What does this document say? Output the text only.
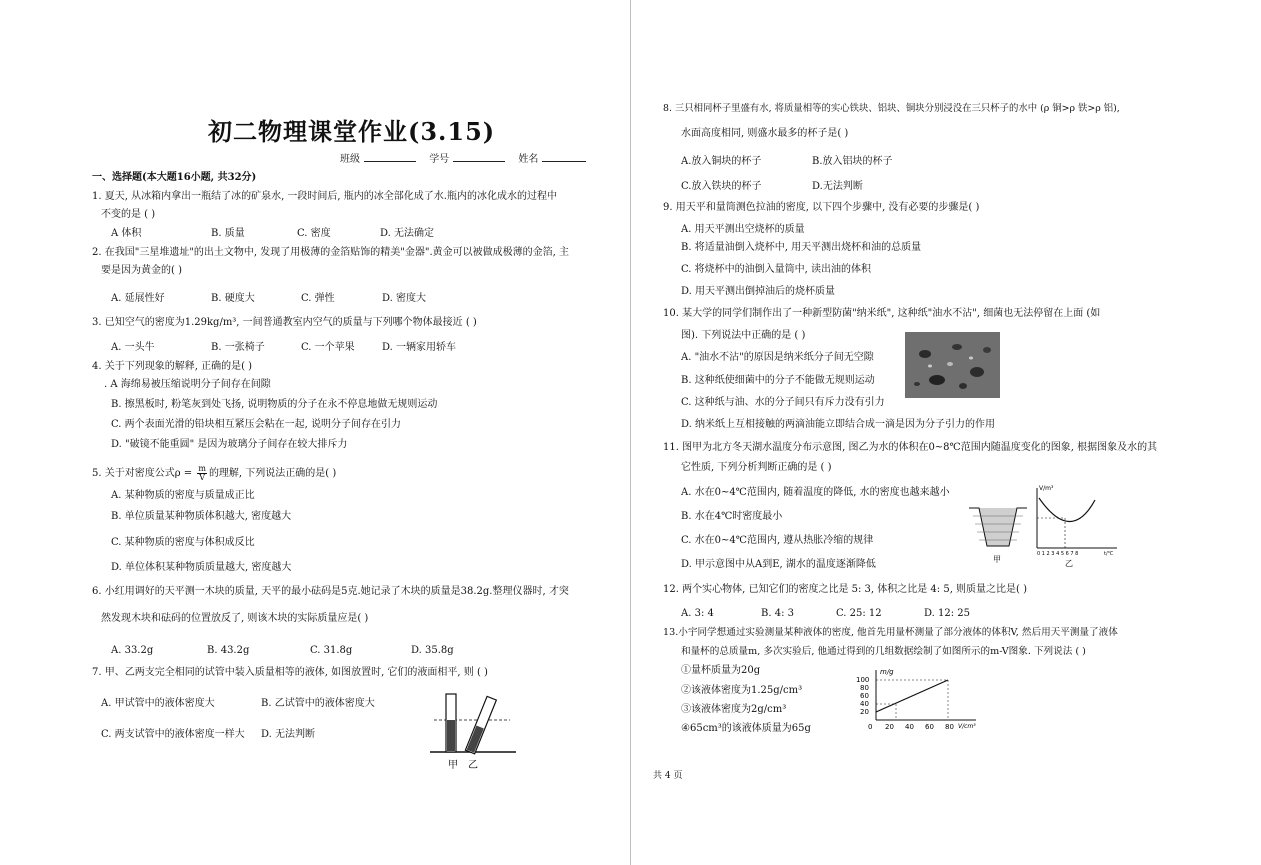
初二物理课堂作业(3.15)
班级	学号	姓名
一、选择题(本大题16小题, 共32分)
1. 夏天, 从冰箱内拿出一瓶结了冰的矿泉水, 一段时间后, 瓶内的冰全部化成了水.瓶内的冰化成水的过程中
不变的是 ( )
A 体积	B. 质量	C. 密度	D. 无法确定
2. 在我国"三星堆遗址"的出土文物中, 发现了用极薄的金箔贴饰的精美"金器".黄金可以被做成极薄的金箔, 主
要是因为黄金的( )
A. 延展性好	B. 硬度大	C. 弹性	D. 密度大
3. 已知空气的密度为1.29kg/m³, 一间普通教室内空气的质量与下列哪个物体最接近 ( )
A. 一头牛	B. 一张椅子	C. 一个苹果	D. 一辆家用轿车
4. 关于下列现象的解释, 正确的是( )
. A 海绵易被压缩说明分子间存在间隙
B. 擦黑板时, 粉笔灰到处飞扬, 说明物质的分子在永不停息地做无规则运动
C. 两个表面光滑的铅块相互紧压会粘在一起, 说明分子间存在引力
D. "破镜不能重圆" 是因为玻璃分子间存在较大排斥力
5. 关于对密度公式$\rho = \frac{m}{V}$ 的理解, 下列说法正确的是( )
A. 某种物质的密度与质量成正比
B. 单位质量某种物质体积越大, 密度越大
C. 某种物质的密度与体积成反比
D. 单位体积某种物质质量越大, 密度越大
6. 小红用调好的天平测一木块的质量, 天平的最小砝码是5克.她记录了木块的质量是38.2g.整理仪器时, 才突
然发现木块和砝码的位置放反了, 则该木块的实际质量应是( )
A. 33.2g	B. 43.2g	C. 31.8g	D. 35.8g
7. 甲、乙两支完全相同的试管中装入质量相等的液体, 如图放置时, 它们的液面相平, 则 ( )
A. 甲试管中的液体密度大	B. 乙试管中的液体密度大
C. 两支试管中的液体密度一样大 D. 无法判断
甲 乙
8. 三只相同杯子里盛有水, 将质量相等的实心铁块、铝块、铜块分别浸没在三只杯子的水中 (ρ 铜>ρ 铁>ρ 铝),
水面高度相同, 则盛水最多的杯子是( )
A.放入铜块的杯子	B.放入铝块的杯子
C.放入铁块的杯子	D.无法判断
9. 用天平和量筒测色拉油的密度, 以下四个步骤中, 没有必要的步骤是( )
A. 用天平测出空烧杯的质量
B. 将适量油倒入烧杯中, 用天平测出烧杯和油的总质量
C. 将烧杯中的油倒入量筒中, 读出油的体积
D. 用天平测出倒掉油后的烧杯质量
10. 某大学的同学们制作出了一种新型防菌"纳米纸", 这种纸"油水不沾", 细菌也无法停留在上面 (如
图). 下列说法中正确的是 ( )
A. "油水不沾"的原因是纳米纸分子间无空隙
B. 这种纸使细菌中的分子不能做无规则运动
C. 这种纸与油、水的分子间只有斥力没有引力
D. 纳米纸上互相接触的两滴油能立即结合成一滴是因为分子引力的作用
11. 图甲为北方冬天湖水温度分布示意图, 图乙为水的体积在0~8℃范围内随温度变化的图象, 根据图象及水的其
它性质, 下列分析判断正确的是 ( )
A. 水在0~4℃范围内, 随着温度的降低, 水的密度也越来越小
B. 水在4℃时密度最小
C. 水在0~4℃范围内, 遵从热胀冷缩的规律
D. 甲示意图中从A到E, 湖水的温度逐渐降低	甲
V/m³
0 1 2 3 4 5 6 7 8	t/℃
乙
12. 两个实心物体, 已知它们的密度之比是 5: 3, 体积之比是 4: 5, 则质量之比是( )
A. 3: 4	B. 4: 3	C. 25: 12	D. 12: 25
13.小宇同学想通过实验测量某种液体的密度, 他首先用量杯测量了部分液体的体积V, 然后用天平测量了液体
和量杯的总质量m, 多次实验后, 他通过得到的几组数据绘制了如图所示的m-V图象. 下列说法 ( )
①量杯质量为20g
②该液体密度为1.25g/cm³
③该液体密度为2g/cm³
④65cm³的该液体质量为65g
m/g
V/cm³
100
80
60
40
20
0 20 40 60 80
共 4 页
